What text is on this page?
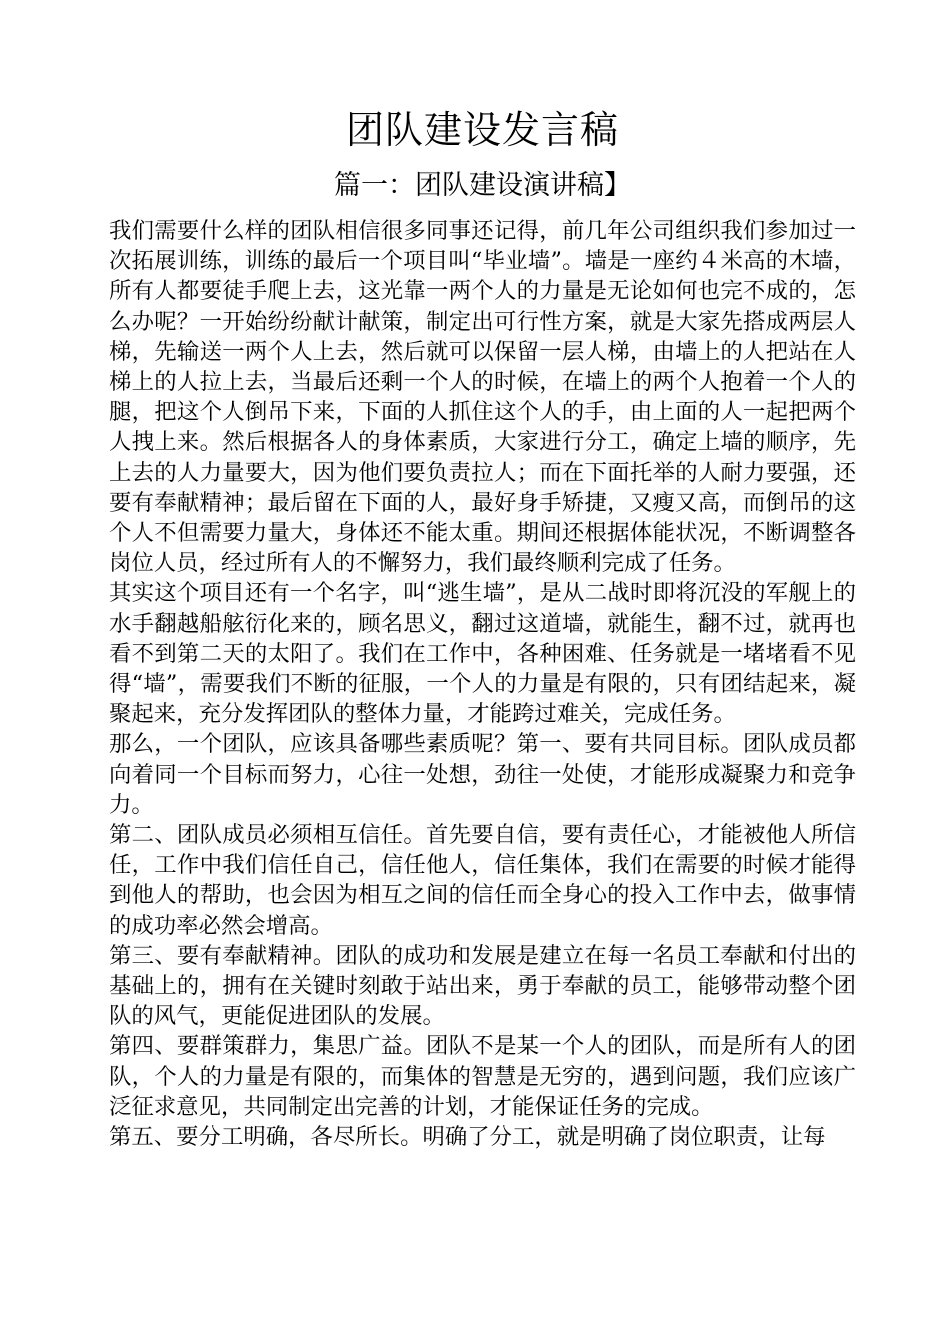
团队建设发言稿
篇一：团队建设演讲稿】

我们需要什么样的团队相信很多同事还记得，前几年公司组织我们参加过一次拓展训练，训练的最后一个项目叫“毕业墙”。墙是一座约４米高的木墙，所有人都要徒手爬上去，这光靠一两个人的力量是无论如何也完不成的，怎么办呢？一开始纷纷献计献策，制定出可行性方案，就是大家先搭成两层人梯，先输送一两个人上去，然后就可以保留一层人梯，由墙上的人把站在人梯上的人拉上去，当最后还剩一个人的时候，在墙上的两个人抱着一个人的腿，把这个人倒吊下来，下面的人抓住这个人的手，由上面的人一起把两个人拽上来。然后根据各人的身体素质，大家进行分工，确定上墙的顺序，先上去的人力量要大，因为他们要负责拉人；而在下面托举的人耐力要强，还要有奉献精神；最后留在下面的人，最好身手矫捷，又瘦又高，而倒吊的这个人不但需要力量大，身体还不能太重。期间还根据体能状况，不断调整各岗位人员，经过所有人的不懈努力，我们最终顺利完成了任务。

其实这个项目还有一个名字，叫“逃生墙”，是从二战时即将沉没的军舰上的水手翻越船舷衍化来的，顾名思义，翻过这道墙，就能生，翻不过，就再也看不到第二天的太阳了。我们在工作中，各种困难、任务就是一堵堵看不见得“墙”，需要我们不断的征服，一个人的力量是有限的，只有团结起来，凝聚起来，充分发挥团队的整体力量，才能跨过难关，完成任务。

那么，一个团队，应该具备哪些素质呢？第一、要有共同目标。团队成员都向着同一个目标而努力，心往一处想，劲往一处使，才能形成凝聚力和竞争力。

第二、团队成员必须相互信任。首先要自信，要有责任心，才能被他人所信任，工作中我们信任自己，信任他人，信任集体，我们在需要的时候才能得到他人的帮助，也会因为相互之间的信任而全身心的投入工作中去，做事情的成功率必然会增高。

第三、要有奉献精神。团队的成功和发展是建立在每一名员工奉献和付出的基础上的，拥有在关键时刻敢于站出来，勇于奉献的员工，能够带动整个团队的风气，更能促进团队的发展。

第四、要群策群力，集思广益。团队不是某一个人的团队，而是所有人的团队，个人的力量是有限的，而集体的智慧是无穷的，遇到问题，我们应该广泛征求意见，共同制定出完善的计划，才能保证任务的完成。

第五、要分工明确，各尽所长。明确了分工，就是明确了岗位职责，让每
